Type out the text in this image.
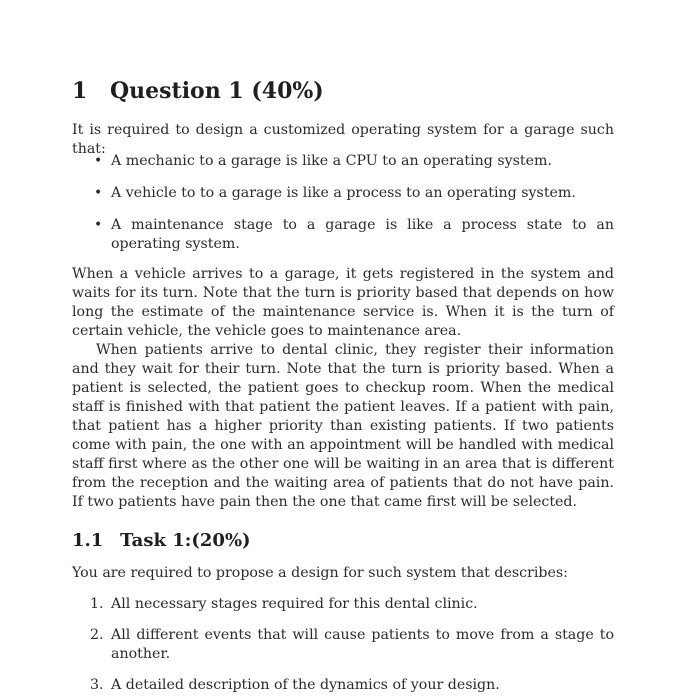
1 Question 1 (40%)
It is required to design a customized operating system for a garage such that:
• A mechanic to a garage is like a CPU to an operating system.
• A vehicle to to a garage is like a process to an operating system.
• A maintenance stage to a garage is like a process state to an operating system.
When a vehicle arrives to a garage, it gets registered in the system and waits for its turn. Note that the turn is priority based that depends on how long the estimate of the maintenance service is. When it is the turn of certain vehicle, the vehicle goes to maintenance area.
When patients arrive to dental clinic, they register their information and they wait for their turn. Note that the turn is priority based. When a patient is selected, the patient goes to checkup room. When the medical staff is finished with that patient the patient leaves. If a patient with pain, that patient has a higher priority than existing patients. If two patients come with pain, the one with an appointment will be handled with medical staff first where as the other one will be waiting in an area that is different from the reception and the waiting area of patients that do not have pain. If two patients have pain then the one that came first will be selected.
1.1 Task 1:(20%)
You are required to propose a design for such system that describes:
1. All necessary stages required for this dental clinic.
2. All different events that will cause patients to move from a stage to another.
3. A detailed description of the dynamics of your design.
